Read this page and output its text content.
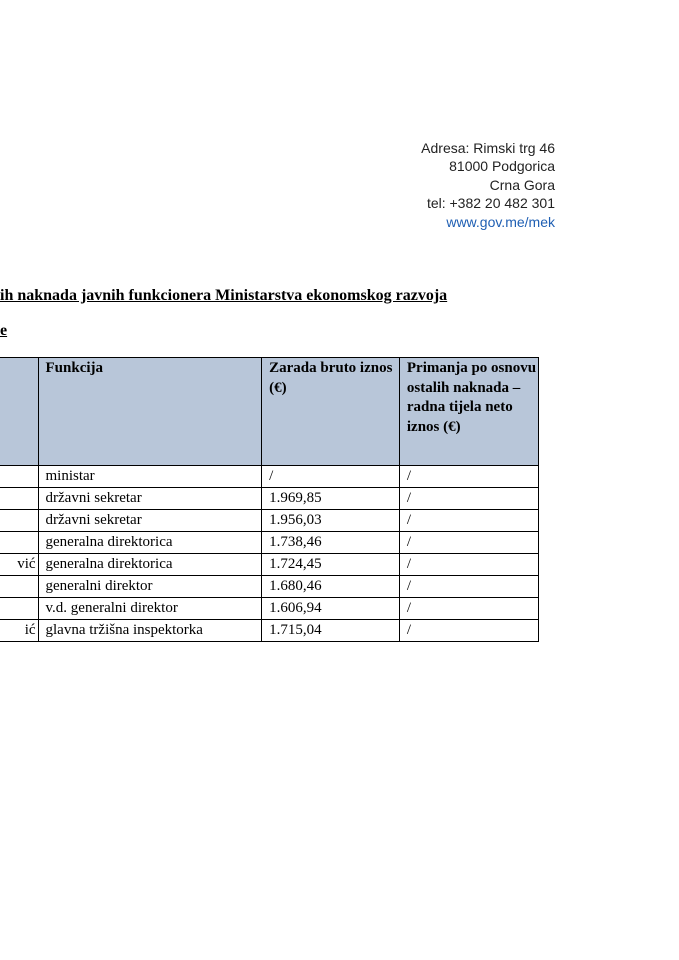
Adresa: Rimski trg 46
81000 Podgorica
Crna Gora
tel: +382 20 482 301
www.gov.me/mek
ih naknada javnih funkcionera Ministarstva ekonomskog razvoja
e
	Funkcija	Zarada bruto iznos (€)	Primanja po osnovu ostalih naknada – radna tijela neto iznos (€)
	ministar	/	/
	državni sekretar	1.969,85	/
	državni sekretar	1.956,03	/
	generalna direktorica	1.738,46	/
vić	generalna direktorica	1.724,45	/
	generalni direktor	1.680,46	/
	v.d. generalni direktor	1.606,94	/
ić	glavna tržišna inspektorka	1.715,04	/
